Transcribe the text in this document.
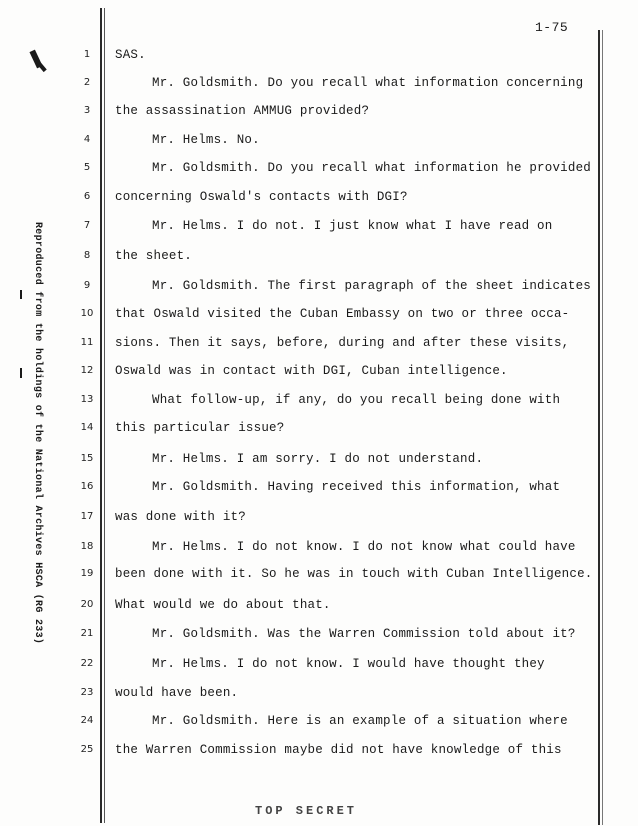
1-75
Reproduced from the holdings of the National Archives HSCA (RG 233)
1	SAS.
2	Mr. Goldsmith. Do you recall what information concerning
3	the assassination AMMUG provided?
4	Mr. Helms. No.
5	Mr. Goldsmith. Do you recall what information he provided
6	concerning Oswald's contacts with DGI?
7	Mr. Helms. I do not. I just know what I have read on
8	the sheet.
9	Mr. Goldsmith. The first paragraph of the sheet indicates
10 that Oswald visited the Cuban Embassy on two or three occa-
11 sions. Then it says, before, during and after these visits,
12 Oswald was in contact with DGI, Cuban intelligence.
13	What follow-up, if any, do you recall being done with
14 this particular issue?
15	Mr. Helms. I am sorry. I do not understand.
16	Mr. Goldsmith. Having received this information, what
17 was done with it?
18	Mr. Helms. I do not know. I do not know what could have
19 been done with it. So he was in touch with Cuban Intelligence.
20 What would we do about that.
21	Mr. Goldsmith. Was the Warren Commission told about it?
22	Mr. Helms. I do not know. I would have thought they
23 would have been.
24	Mr. Goldsmith. Here is an example of a situation where
25 the Warren Commission maybe did not have knowledge of this
TOP SECRET
